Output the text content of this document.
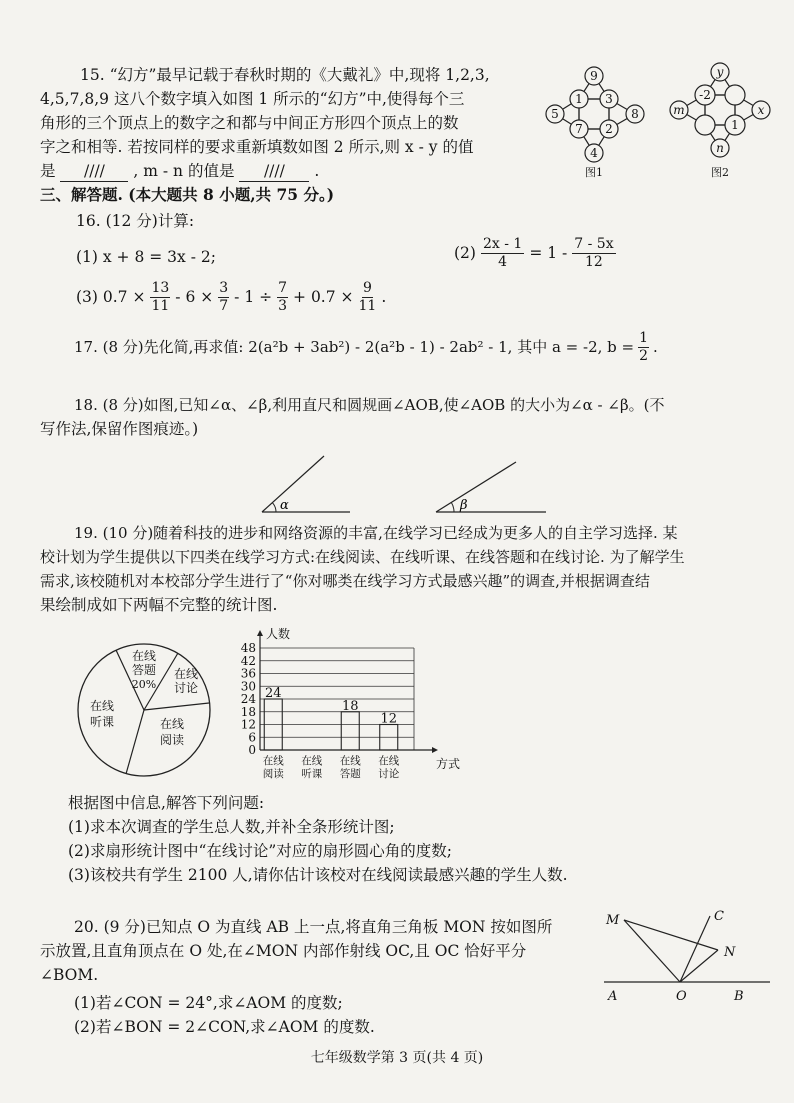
15. “幻方”最早记载于春秋时期的《大戴礼》中,现将 1,2,3,
4,5,7,8,9 这八个数字填入如图 1 所示的“幻方”中,使得每个三
角形的三个顶点上的数字之和都与中间正方形四个顶点上的数
字之和相等. 若按同样的要求重新填数如图 2 所示,则 x - y 的值
是 //// , m - n 的值是 //// .
9
1 3
5
7 2
8
4
图1
y
-2
m
1
x
n
图2
三、解答题. (本大题共 8 小题,共 75 分。)
16. (12 分)计算:
(1) x + 8 = 3x - 2;	$(2) \frac{2x - 1}{4} = 1 - 7 - 5x$
12
(3) $0.7 \times \frac{13}{11} - 6 \times \frac{3}{7} - 1 \div \frac{7}{3} + 0.7 \times \frac{9}{11}$ .
17. (8 分)先化简,再求值: 2(a²b + 3ab²) - 2(a²b - 1) - 2ab² - 1, 其中 a = -2, $b = \frac{1}{2}$ .
18. (8 分)如图,已知∠α、∠β,利用直尺和圆规画∠AOB,使∠AOB 的大小为∠α - ∠β。(不
写作法,保留作图痕迹。)
α	β
19. (10 分)随着科技的进步和网络资源的丰富,在线学习已经成为更多人的自主学习选择. 某
校计划为学生提供以下四类在线学习方式:在线阅读、在线听课、在线答题和在线讨论. 为了解学生
需求,该校随机对本校部分学生进行了“你对哪类在线学习方式最感兴趣”的调查,并根据调查结
果绘制成如下两幅不完整的统计图.
在线
答题
20%
在线
讨论
在线
阅读
在线
听课
0
6
12
18
24
30
36
42
48
人数
方式
24
在线
阅读
在线
听课
18
在线
答题
12
在线
讨论
根据图中信息,解答下列问题:
(1)求本次调查的学生总人数,并补全条形统计图;
(2)求扇形统计图中“在线讨论”对应的扇形圆心角的度数;
(3)该校共有学生 2100 人,请你估计该校对在线阅读最感兴趣的学生人数.
20. (9 分)已知点 O 为直线 AB 上一点,将直角三角板 MON 按如图所
示放置,且直角顶点在 O 处,在∠MON 内部作射线 OC,且 OC 恰好平分
∠BOM.
(1)若∠CON = 24°,求∠AOM 的度数;
(2)若∠BON = 2∠CON,求∠AOM 的度数.
M	C
N
A	O	B
七年级数学第 3 页(共 4 页)
